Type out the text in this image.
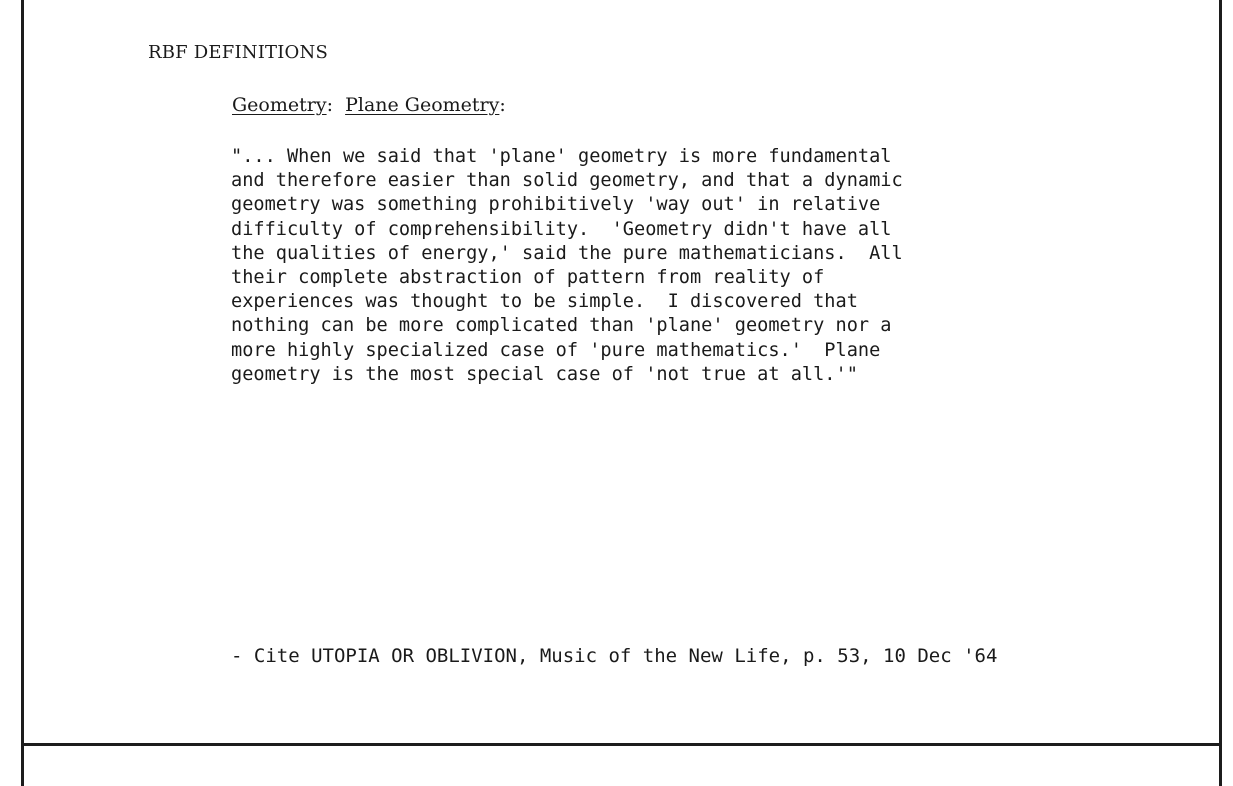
RBF DEFINITIONS
Geometry: Plane Geometry:
"... When we said that 'plane' geometry is more fundamental
and therefore easier than solid geometry, and that a dynamic
geometry was something prohibitively 'way out' in relative
difficulty of comprehensibility.  'Geometry didn't have all
the qualities of energy,' said the pure mathematicians.  All
their complete abstraction of pattern from reality of
experiences was thought to be simple.  I discovered that
nothing can be more complicated than 'plane' geometry nor a
more highly specialized case of 'pure mathematics.'  Plane
geometry is the most special case of 'not true at all.'"
- Cite UTOPIA OR OBLIVION, Music of the New Life, p. 53, 10 Dec '64
